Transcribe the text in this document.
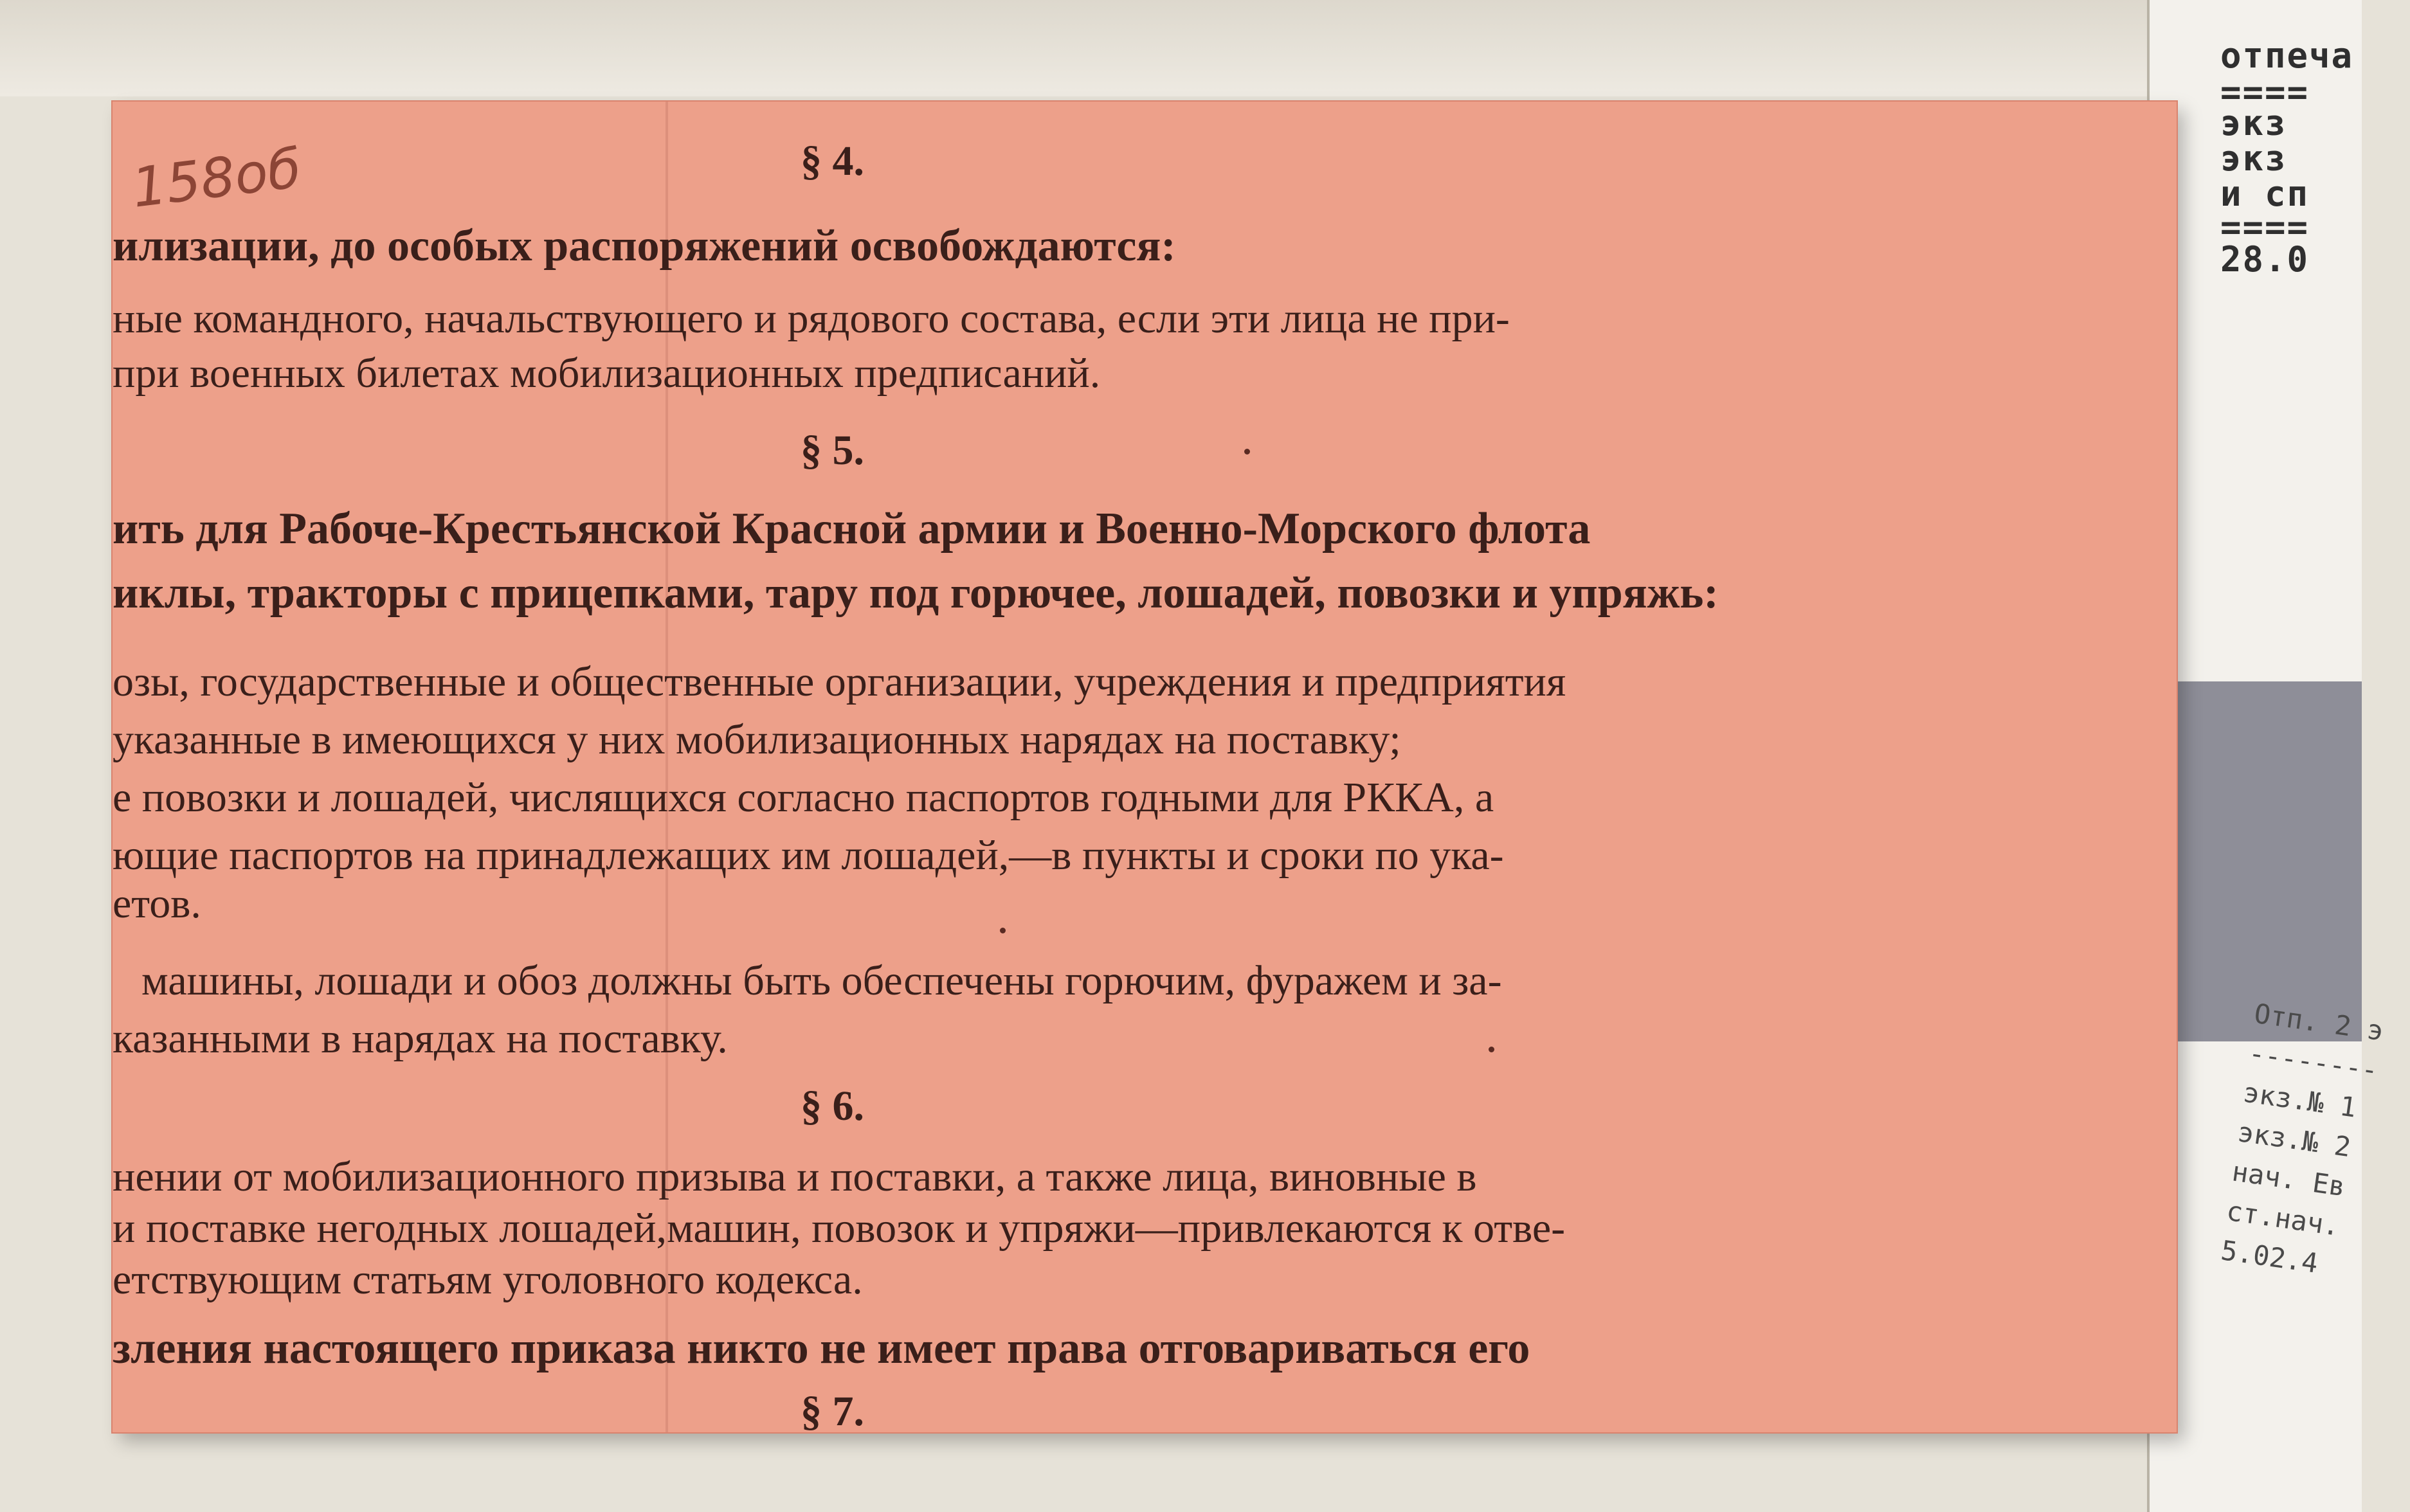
отпеча
====
экз
экз
и сп
====
28.0
Отп. 2 э
--------
экз.№ 1
экз.№ 2
нач. Ев
ст.нач.
5.02.4
158об	§ 4.
илизации, до особых распоряжений освобождаются:
ные командного, начальствующего и рядового состава, если эти лица не при-
при военных билетах мобилизационных предписаний.
§ 5.
ить для Рабоче-Крестьянской Красной армии и Военно-Морского флота
иклы, тракторы с прицепками, тару под горючее, лошадей, повозки и упряжь:
озы, государственные и общественные организации, учреждения и предприятия
указанные в имеющихся у них мобилизационных нарядах на поставку;
е повозки и лошадей, числящихся согласно паспортов годными для РККА, а
ющие паспортов на принадлежащих им лошадей,—в пункты и сроки по ука-
етов.
машины, лошади и обоз должны быть обеспечены горючим, фуражем и за-
казанными в нарядах на поставку.
§ 6.
нении от мобилизационного призыва и поставки, а также лица, виновные в
и поставке негодных лошадей,машин, повозок и упряжи—привлекаются к отве-
етствующим статьям уголовного кодекса.
зления настоящего приказа никто не имеет права отговариваться его
§ 7.
